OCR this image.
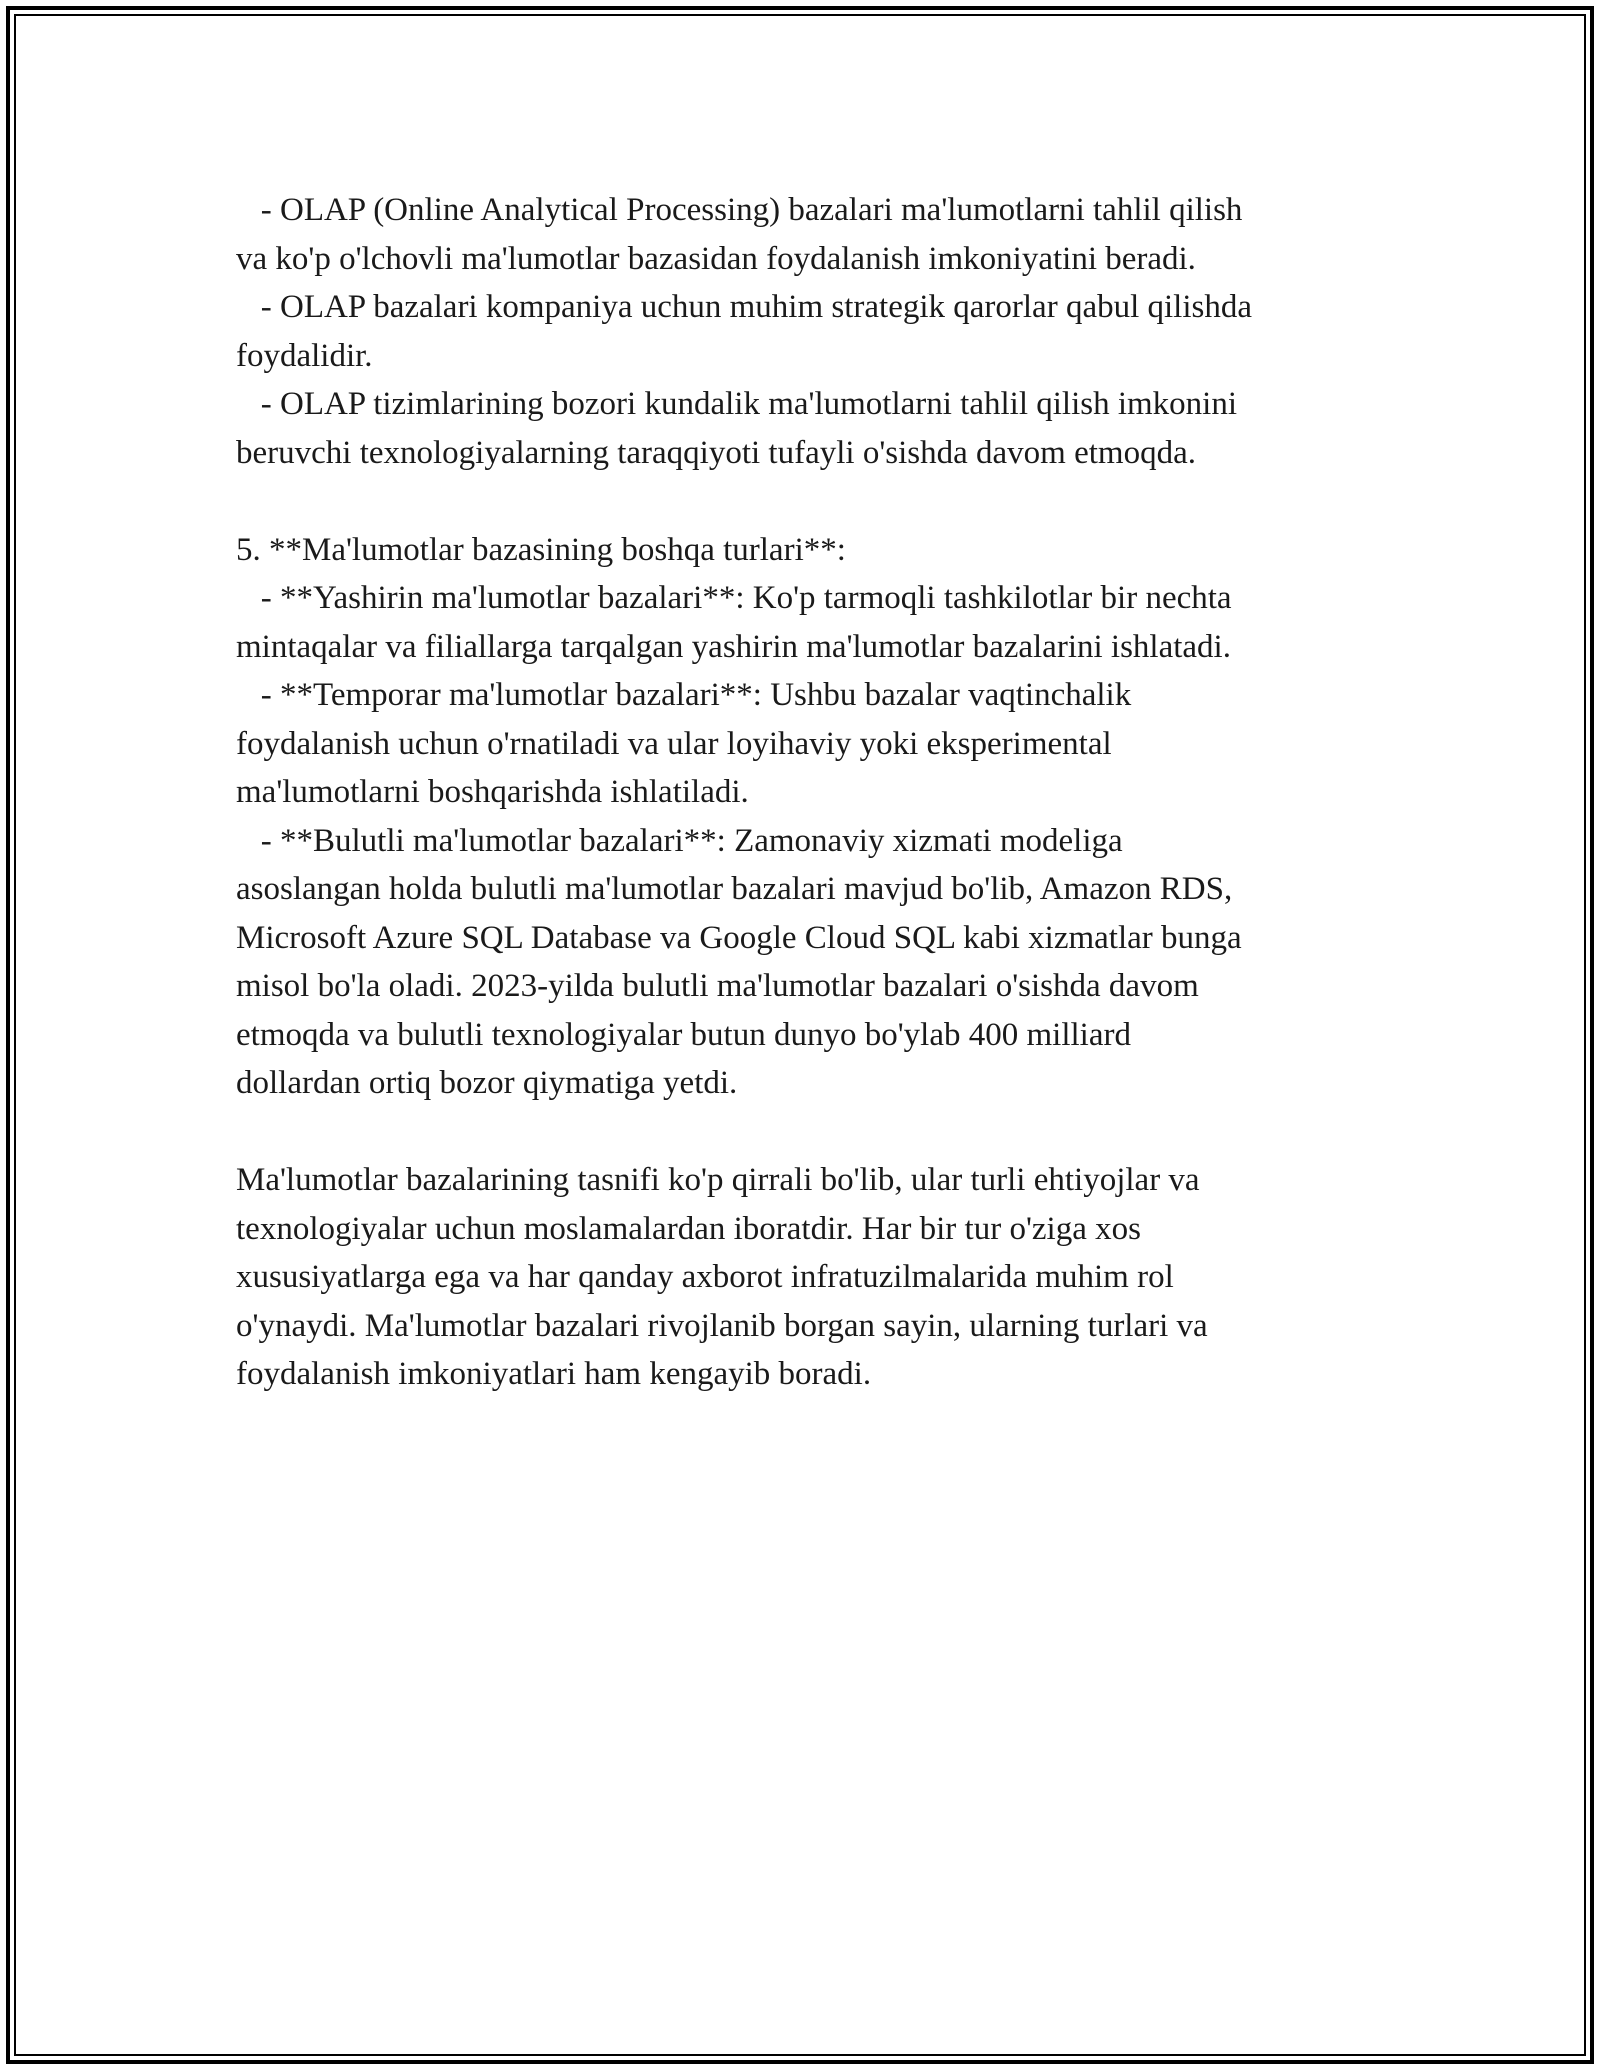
- OLAP (Online Analytical Processing) bazalari ma'lumotlarni tahlil qilish
va ko'p o'lchovli ma'lumotlar bazasidan foydalanish imkoniyatini beradi.
- OLAP bazalari kompaniya uchun muhim strategik qarorlar qabul qilishda
foydalidir.
- OLAP tizimlarining bozori kundalik ma'lumotlarni tahlil qilish imkonini
beruvchi texnologiyalarning taraqqiyoti tufayli o'sishda davom etmoqda.
5. **Ma'lumotlar bazasining boshqa turlari**:
- **Yashirin ma'lumotlar bazalari**: Ko'p tarmoqli tashkilotlar bir nechta
mintaqalar va filiallarga tarqalgan yashirin ma'lumotlar bazalarini ishlatadi.
- **Temporar ma'lumotlar bazalari**: Ushbu bazalar vaqtinchalik
foydalanish uchun o'rnatiladi va ular loyihaviy yoki eksperimental
ma'lumotlarni boshqarishda ishlatiladi.
- **Bulutli ma'lumotlar bazalari**: Zamonaviy xizmati modeliga
asoslangan holda bulutli ma'lumotlar bazalari mavjud bo'lib, Amazon RDS,
Microsoft Azure SQL Database va Google Cloud SQL kabi xizmatlar bunga
misol bo'la oladi. 2023-yilda bulutli ma'lumotlar bazalari o'sishda davom
etmoqda va bulutli texnologiyalar butun dunyo bo'ylab 400 milliard
dollardan ortiq bozor qiymatiga yetdi.
Ma'lumotlar bazalarining tasnifi ko'p qirrali bo'lib, ular turli ehtiyojlar va
texnologiyalar uchun moslamalardan iboratdir. Har bir tur o'ziga xos
xususiyatlarga ega va har qanday axborot infratuzilmalarida muhim rol
o'ynaydi. Ma'lumotlar bazalari rivojlanib borgan sayin, ularning turlari va
foydalanish imkoniyatlari ham kengayib boradi.
